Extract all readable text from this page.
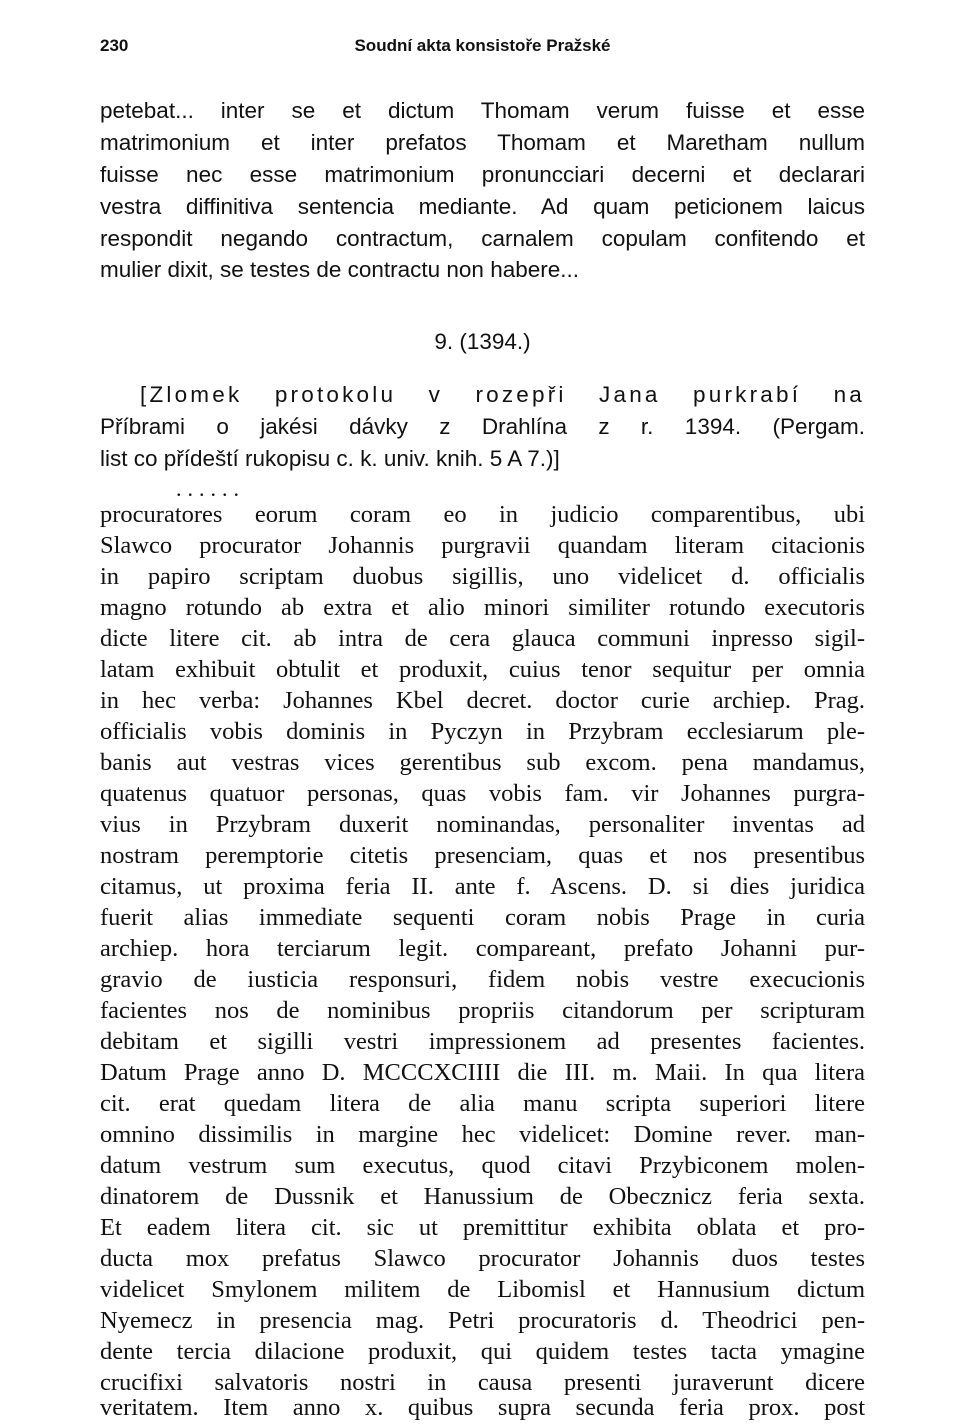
230	Soudní akta konsistoře Pražské
petebat... inter se et dictum Thomam verum fuisse et esse
matrimonium et inter prefatos Thomam et Maretham nullum
fuisse nec esse matrimonium pronuncciari decerni et declarari
vestra diffinitiva sentencia mediante. Ad quam peticionem laicus
respondit negando contractum, carnalem copulam confitendo et
mulier dixit, se testes de contractu non habere...
9. (1394.)
[Zlomek protokolu v rozepři Jana purkrabí na
Příbrami o jakési dávky z Drahlína z r. 1394. (Pergam.
list co přídeští rukopisu c. k. univ. knih. 5 A 7.)]
......
procuratores eorum coram eo in judicio comparentibus, ubi
Slawco procurator Johannis purgravii quandam literam citacionis
in papiro scriptam duobus sigillis, uno videlicet d. officialis
magno rotundo ab extra et alio minori similiter rotundo executoris
dicte litere cit. ab intra de cera glauca communi inpresso sigil-
latam exhibuit obtulit et produxit, cuius tenor sequitur per omnia
in hec verba: Johannes Kbel decret. doctor curie archiep. Prag.
officialis vobis dominis in Pyczyn in Przybram ecclesiarum ple-
banis aut vestras vices gerentibus sub excom. pena mandamus,
quatenus quatuor personas, quas vobis fam. vir Johannes purgra-
vius in Przybram duxerit nominandas, personaliter inventas ad
nostram peremptorie citetis presenciam, quas et nos presentibus
citamus, ut proxima feria II. ante f. Ascens. D. si dies juridica
fuerit alias immediate sequenti coram nobis Prage in curia
archiep. hora terciarum legit. compareant, prefato Johanni pur-
gravio de iusticia responsuri, fidem nobis vestre execucionis
facientes nos de nominibus propriis citandorum per scripturam
debitam et sigilli vestri impressionem ad presentes facientes.
Datum Prage anno D. MCCCXCIIII die III. m. Maii. In qua litera
cit. erat quedam litera de alia manu scripta superiori litere
omnino dissimilis in margine hec videlicet: Domine rever. man-
datum vestrum sum executus, quod citavi Przybiconem molen-
dinatorem de Dussnik et Hanussium de Obecznicz feria sexta.
Et eadem litera cit. sic ut premittitur exhibita oblata et pro-
ducta mox prefatus Slawco procurator Johannis duos testes
videlicet Smylonem militem de Libomisl et Hannusium dictum
Nyemecz in presencia mag. Petri procuratoris d. Theodrici pen-
dente tercia dilacione produxit, qui quidem testes tacta ymagine
crucifixi salvatoris nostri in causa presenti juraverunt dicere
veritatem. Item anno x. quibus supra secunda feria prox. post
